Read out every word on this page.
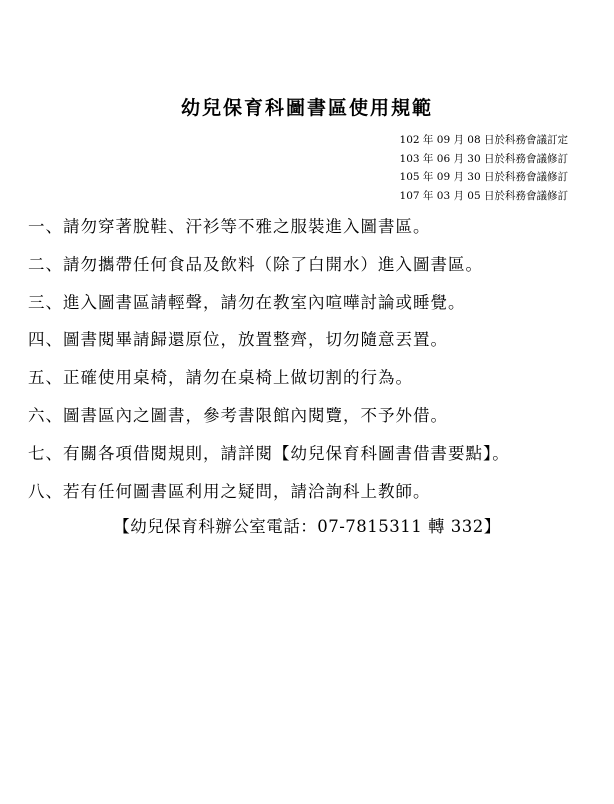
幼兒保育科圖書區使用規範
102 年 09 月 08 日於科務會議訂定
103 年 06 月 30 日於科務會議修訂
105 年 09 月 30 日於科務會議修訂
107 年 03 月 05 日於科務會議修訂
一、請勿穿著脫鞋、汗衫等不雅之服裝進入圖書區。
二、請勿攜帶任何食品及飲料（除了白開水）進入圖書區。
三、進入圖書區請輕聲，請勿在教室內喧嘩討論或睡覺。
四、圖書閱畢請歸還原位，放置整齊，切勿隨意丟置。
五、正確使用桌椅，請勿在桌椅上做切割的行為。
六、圖書區內之圖書，參考書限館內閱覽，不予外借。
七、有關各項借閱規則，請詳閱【幼兒保育科圖書借書要點】。
八、若有任何圖書區利用之疑問，請洽詢科上教師。
【幼兒保育科辦公室電話：07-7815311 轉 332】
